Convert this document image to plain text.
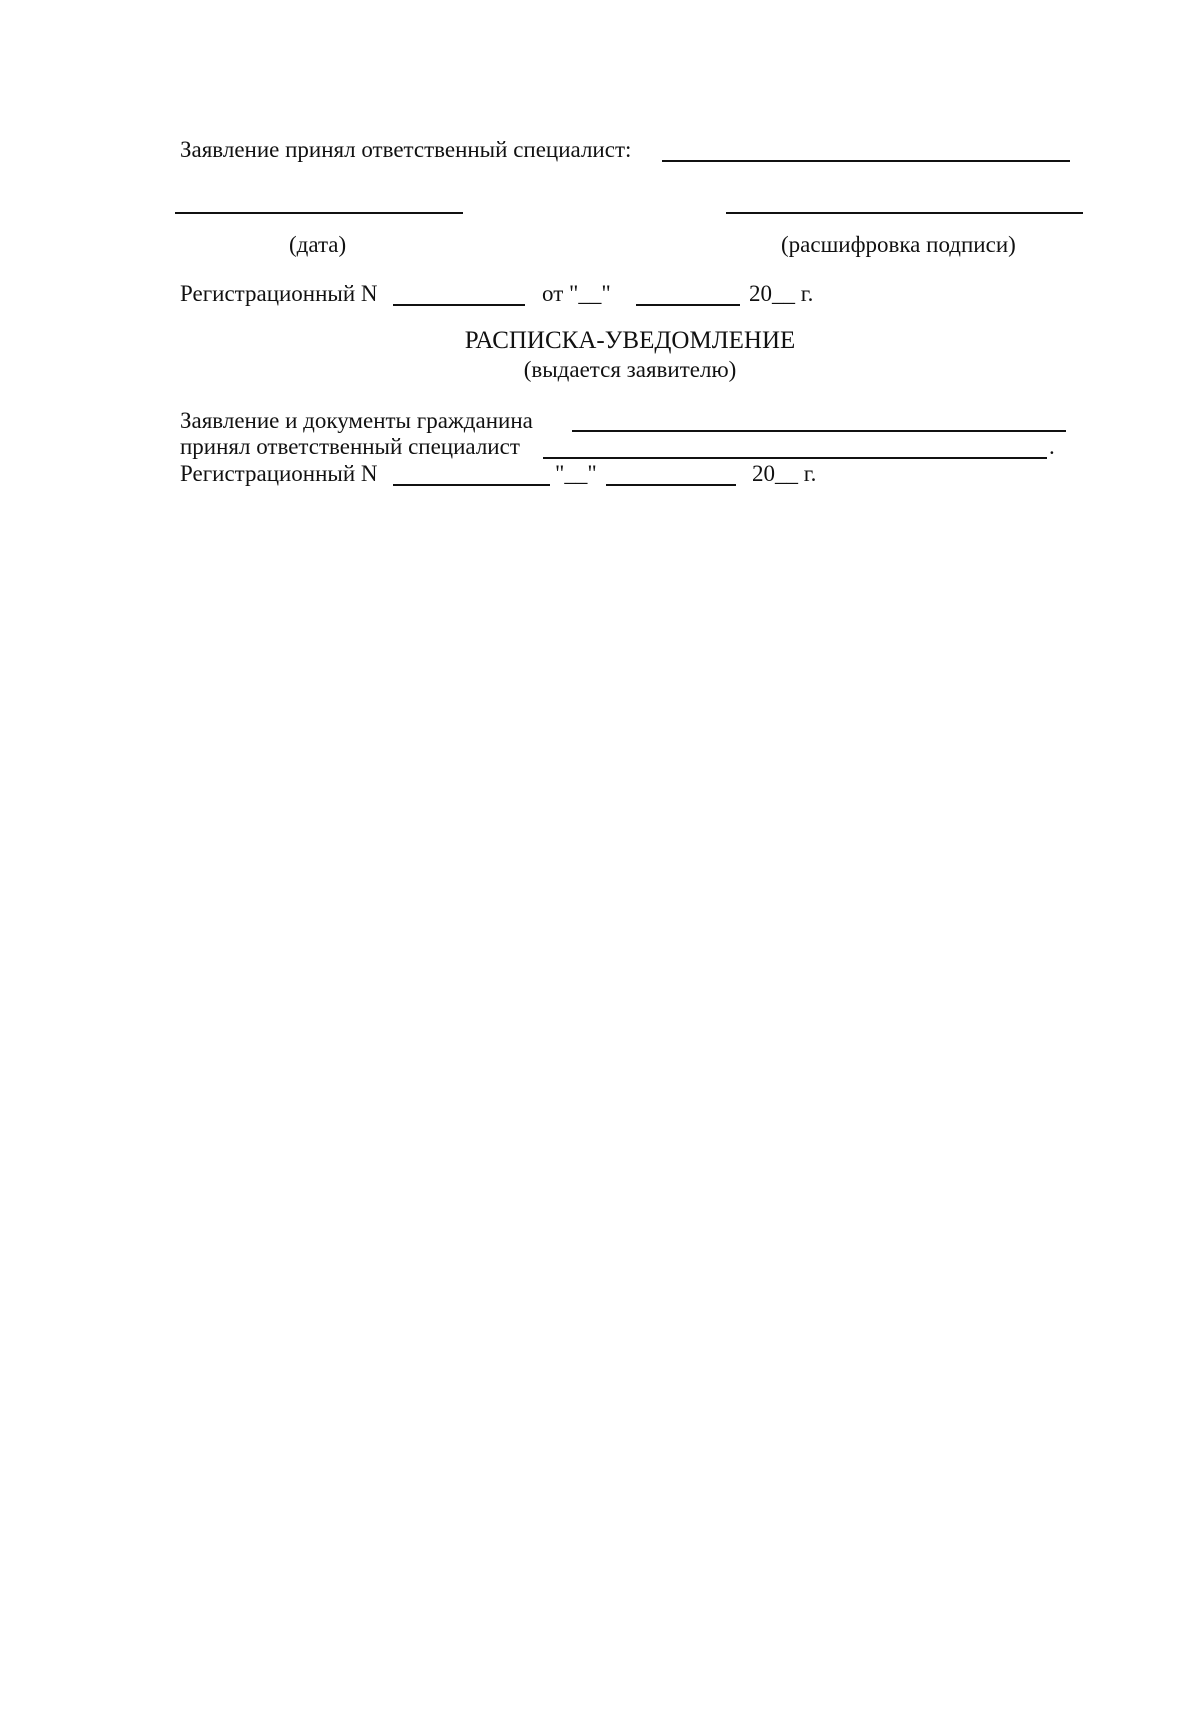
Заявление принял ответственный специалист:
(дата)	(расшифровка подписи)
Регистрационный N	от "__"	20__ г.
РАСПИСКА-УВЕДОМЛЕНИЕ
(выдается заявителю)
Заявление и документы гражданина
принял ответственный специалист	.
Регистрационный N	"__"	20__ г.
